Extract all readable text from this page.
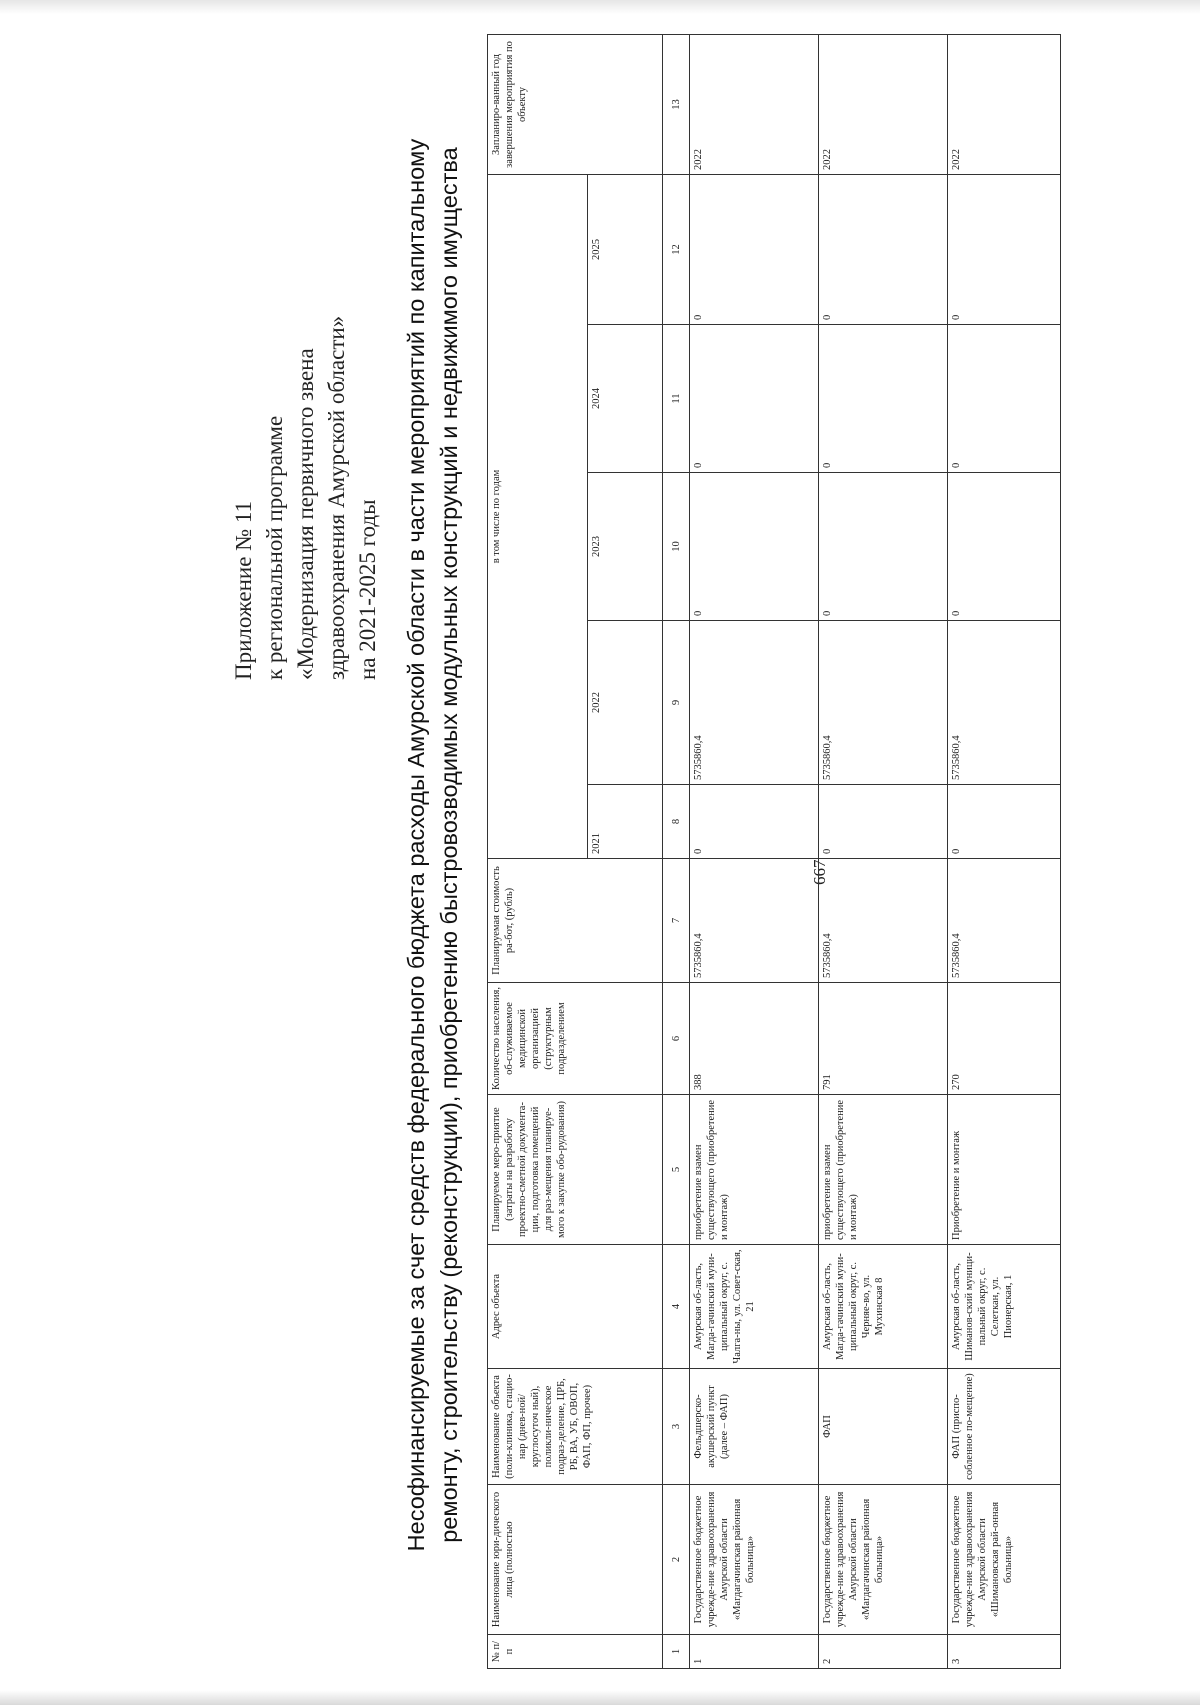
667
Приложение № 11 к региональной программе «Модернизация первичного звена здравоохранения Амурской области» на 2021-2025 годы Несофинансируемые за счет средств федерального бюджета расходы Амурской области в части мероприятий по капитальному ремонту, строительству (реконструкции), приобретению быстровозводимых модульных конструкций и недвижимого имущества
№ п/п	Наименование юри-дического лица (полностью	Наименование объекта (поли-клиника, стацио-нар (днев-ной/круглосуточ ный), поликли-ническое подраз-деление, ЦРБ, РБ, ВА, УБ, ОВОП, ФАП, ФП, прочее)	Адрес объекта	Планируемое меро-приятие (затраты на разработку проектно-сметной документа-ции, подготовка помещений для раз-мещения планируе-мого к закупке обо-рудования)	Количество населения, об-служиваемое медицинской организацией (структурным подразделением	Планируемая стоимость ра-бот, (рубль)	в том числе по годам					Запланиро-ванный год завершения мероприятия по объекту
							2021	2022	2023	2024	2025	
1	2	3	4	5	6	7	8	9	10	11	12	13
1	Государственное бюджетное учрежде-ние здравоохранения Амурской области «Магдагачинская районная больница»	Фельдшерско-акушерский пункт (далее – ФАП)	Амурская об-ласть, Магда-гачинский муни-ципальный округ, с. Чалга-ны, ул. Совет-ская, 21	приобретение взамен существующего (приобретение и монтаж)	388	5735860,4	0	5735860,4	0	0	0	2022
2	Государственное бюджетное учрежде-ние здравоохранения Амурской области «Магдагачинская районная больница»	ФАП	Амурская об-ласть, Магда-гачинский муни-ципальный округ, с. Черняе-во, ул. Мухинская 8	приобретение взамен существующего (приобретение и монтаж)	791	5735860,4	0	5735860,4	0	0	0	2022
3	Государственное бюджетное учрежде-ние здравоохранения Амурской области «Шимановская рай-онная больница»	ФАП (приспо-собленное по-мещение)	Амурская об-ласть, Шиманов-ский муници-пальный округ, с. Селеткан, ул. Пионерская, 1	Приобретение и монтаж	270	5735860,4	0	5735860,4	0	0	0	2022
